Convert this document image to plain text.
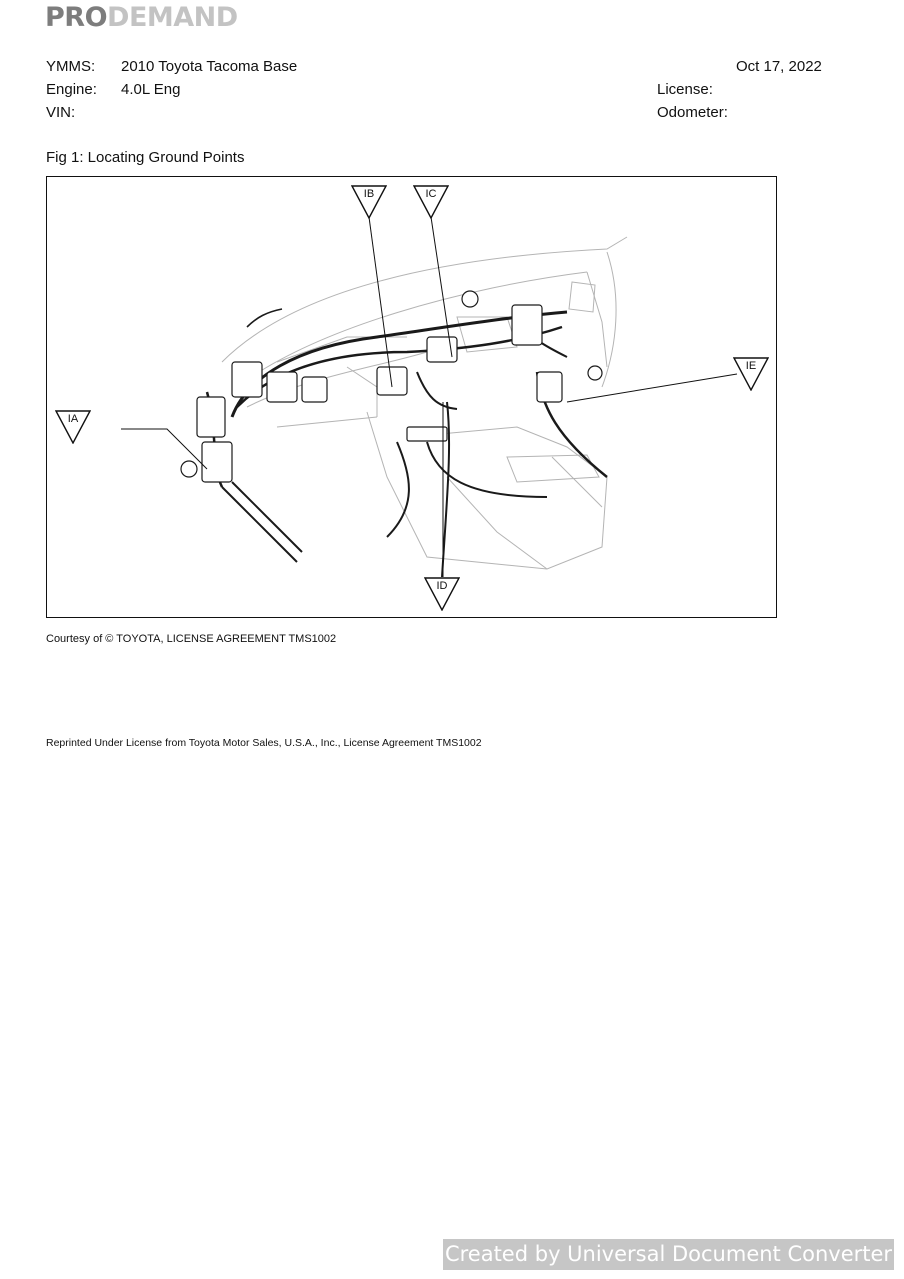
PRODEMAND
YMMS: 2010 Toyota Tacoma Base
Engine: 4.0L Eng
VIN:
Oct 17, 2022
License:
Odometer:
Fig 1: Locating Ground Points
IB	IC
IA
IE
ID
Courtesy of © TOYOTA, LICENSE AGREEMENT TMS1002
Reprinted Under License from Toyota Motor Sales, U.S.A., Inc., License Agreement TMS1002
Created by Universal Document Converter
